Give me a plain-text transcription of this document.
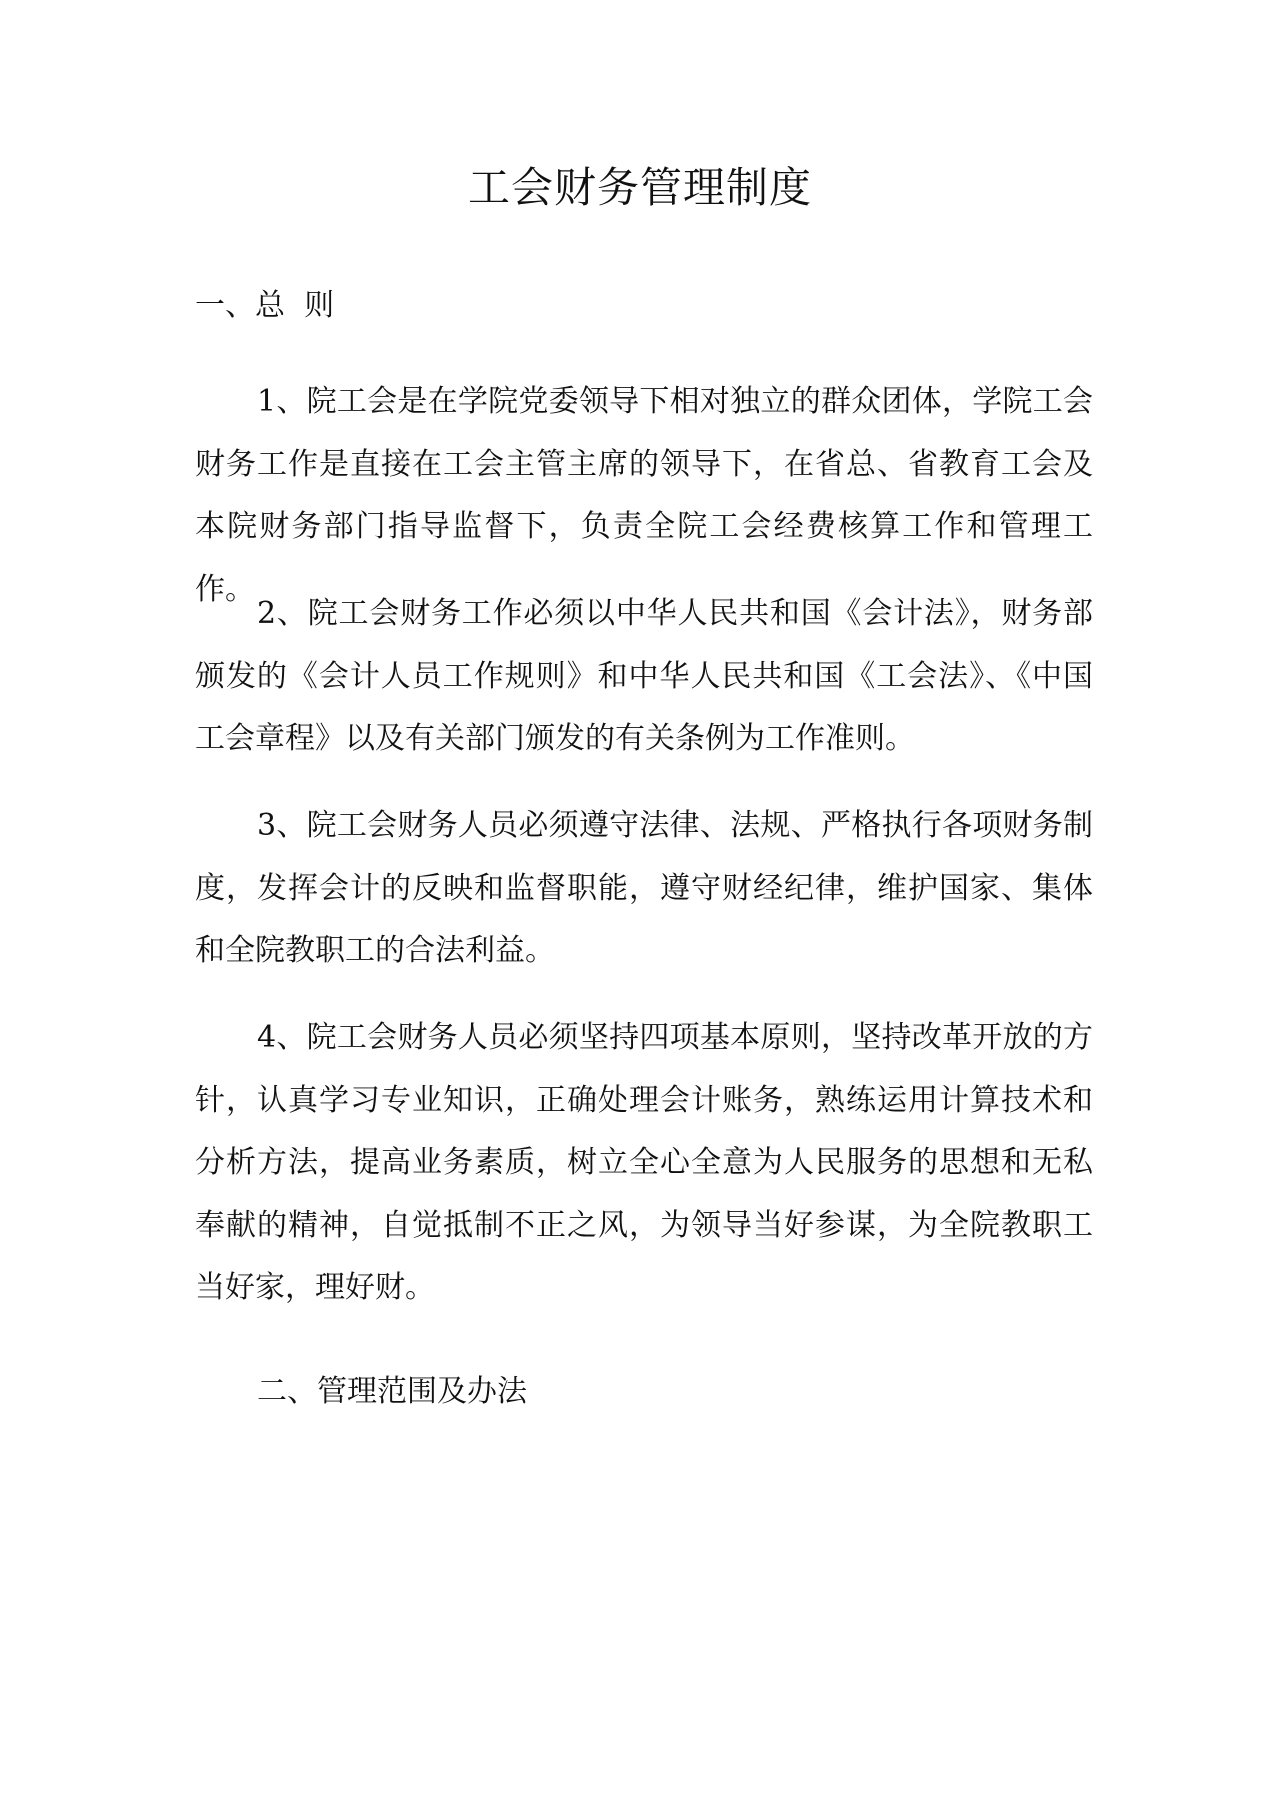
工会财务管理制度
一、总  则

1、院工会是在学院党委领导下相对独立的群众团体，学院工会财务工作是直接在工会主管主席的领导下，在省总、省教育工会及本院财务部门指导监督下，负责全院工会经费核算工作和管理工作。

2、院工会财务工作必须以中华人民共和国《会计法》，财务部颁发的《会计人员工作规则》和中华人民共和国《工会法》、《中国工会章程》以及有关部门颁发的有关条例为工作准则。

3、院工会财务人员必须遵守法律、法规、严格执行各项财务制度，发挥会计的反映和监督职能，遵守财经纪律，维护国家、集体和全院教职工的合法利益。

4、院工会财务人员必须坚持四项基本原则，坚持改革开放的方针，认真学习专业知识，正确处理会计账务，熟练运用计算技术和分析方法，提高业务素质，树立全心全意为人民服务的思想和无私奉献的精神，自觉抵制不正之风，为领导当好参谋，为全院教职工当好家，理好财。

二、管理范围及办法
